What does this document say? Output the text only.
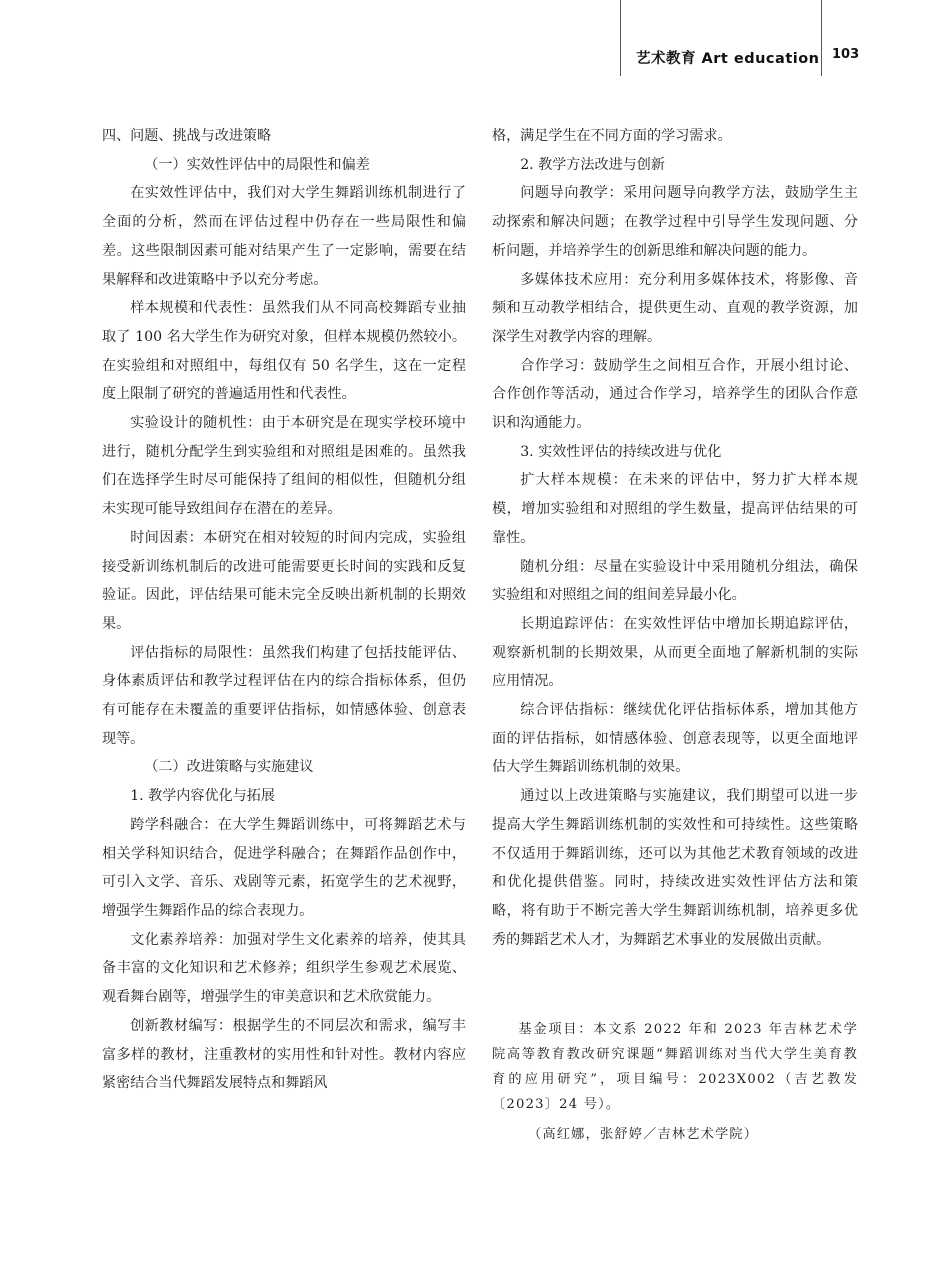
艺术教育 Art education 103

四、问题、挑战与改进策略

（一）实效性评估中的局限性和偏差

在实效性评估中，我们对大学生舞蹈训练机制进行了全面的分析，然而在评估过程中仍存在一些局限性和偏差。这些限制因素可能对结果产生了一定影响，需要在结果解释和改进策略中予以充分考虑。

样本规模和代表性：虽然我们从不同高校舞蹈专业抽取了 100 名大学生作为研究对象，但样本规模仍然较小。在实验组和对照组中，每组仅有 50 名学生，这在一定程度上限制了研究的普遍适用性和代表性。

实验设计的随机性：由于本研究是在现实学校环境中进行，随机分配学生到实验组和对照组是困难的。虽然我们在选择学生时尽可能保持了组间的相似性，但随机分组未实现可能导致组间存在潜在的差异。

时间因素：本研究在相对较短的时间内完成，实验组接受新训练机制后的改进可能需要更长时间的实践和反复验证。因此，评估结果可能未完全反映出新机制的长期效果。

评估指标的局限性：虽然我们构建了包括技能评估、身体素质评估和教学过程评估在内的综合指标体系，但仍有可能存在未覆盖的重要评估指标，如情感体验、创意表现等。

（二）改进策略与实施建议

1. 教学内容优化与拓展

跨学科融合：在大学生舞蹈训练中，可将舞蹈艺术与相关学科知识结合，促进学科融合；在舞蹈作品创作中，可引入文学、音乐、戏剧等元素，拓宽学生的艺术视野，增强学生舞蹈作品的综合表现力。

文化素养培养：加强对学生文化素养的培养，使其具备丰富的文化知识和艺术修养；组织学生参观艺术展览、观看舞台剧等，增强学生的审美意识和艺术欣赏能力。

创新教材编写：根据学生的不同层次和需求，编写丰富多样的教材，注重教材的实用性和针对性。教材内容应紧密结合当代舞蹈发展特点和舞蹈风

格，满足学生在不同方面的学习需求。

2. 教学方法改进与创新

问题导向教学：采用问题导向教学方法，鼓励学生主动探索和解决问题；在教学过程中引导学生发现问题、分析问题，并培养学生的创新思维和解决问题的能力。

多媒体技术应用：充分利用多媒体技术，将影像、音频和互动教学相结合，提供更生动、直观的教学资源，加深学生对教学内容的理解。

合作学习：鼓励学生之间相互合作，开展小组讨论、合作创作等活动，通过合作学习，培养学生的团队合作意识和沟通能力。

3. 实效性评估的持续改进与优化

扩大样本规模：在未来的评估中，努力扩大样本规模，增加实验组和对照组的学生数量，提高评估结果的可靠性。

随机分组：尽量在实验设计中采用随机分组法，确保实验组和对照组之间的组间差异最小化。

长期追踪评估：在实效性评估中增加长期追踪评估，观察新机制的长期效果，从而更全面地了解新机制的实际应用情况。

综合评估指标：继续优化评估指标体系，增加其他方面的评估指标，如情感体验、创意表现等，以更全面地评估大学生舞蹈训练机制的效果。

通过以上改进策略与实施建议，我们期望可以进一步提高大学生舞蹈训练机制的实效性和可持续性。这些策略不仅适用于舞蹈训练，还可以为其他艺术教育领域的改进和优化提供借鉴。同时，持续改进实效性评估方法和策略，将有助于不断完善大学生舞蹈训练机制，培养更多优秀的舞蹈艺术人才，为舞蹈艺术事业的发展做出贡献。

基金项目：本文系 2022 年和 2023 年吉林艺术学院高等教育教改研究课题“舞蹈训练对当代大学生美育教育的应用研究”，项目编号：2023X002（吉艺教发〔2023〕24 号）。

（高红娜，张舒婷／吉林艺术学院）
